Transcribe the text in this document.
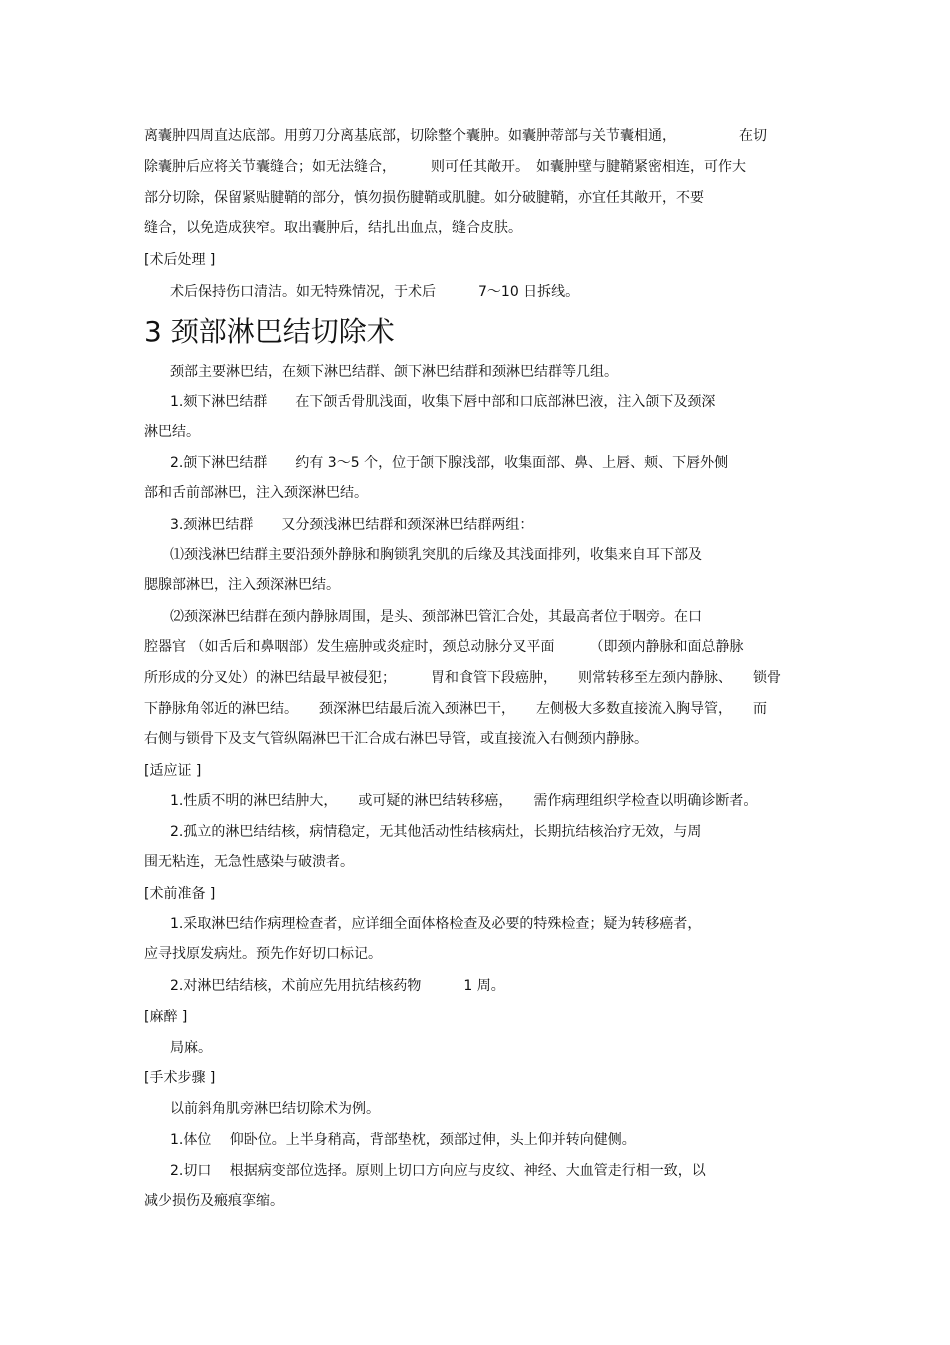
离囊肿四周直达底部。用剪刀分离基底部，切除整个囊肿。如囊肿蒂部与关节囊相通，　　　　　在切
除囊肿后应将关节囊缝合；如无法缝合，　　　则可任其敞开。　如囊肿壁与腱鞘紧密相连，可作大
部分切除，保留紧贴腱鞘的部分，慎勿损伤腱鞘或肌腱。如分破腱鞘，亦宜任其敞开，不要
缝合，以免造成狭窄。取出囊肿后，结扎出血点，缝合皮肤。
[术后处理 ]
术后保持伤口清洁。如无特殊情况，于术后　　　7～10 日拆线。
3 颈部淋巴结切除术
颈部主要淋巴结，在颏下淋巴结群、颌下淋巴结群和颈淋巴结群等几组。
1.颏下淋巴结群　　在下颌舌骨肌浅面，收集下唇中部和口底部淋巴液，注入颌下及颈深
淋巴结。
2.颌下淋巴结群　　约有 3～5 个，位于颌下腺浅部，收集面部、鼻、上唇、颊、下唇外侧
部和舌前部淋巴，注入颈深淋巴结。
3.颈淋巴结群　　又分颈浅淋巴结群和颈深淋巴结群两组：
⑴颈浅淋巴结群主要沿颈外静脉和胸锁乳突肌的后缘及其浅面排列，收集来自耳下部及
腮腺部淋巴，注入颈深淋巴结。
⑵颈深淋巴结群在颈内静脉周围，是头、颈部淋巴管汇合处，其最高者位于咽旁。在口
腔器官 （如舌后和鼻咽部）发生癌肿或炎症时，颈总动脉分叉平面　　　（即颈内静脉和面总静脉
所形成的分叉处）的淋巴结最早被侵犯；　　　胃和食管下段癌肿，　　则常转移至左颈内静脉、　　锁骨
下静脉角邻近的淋巴结。　　颈深淋巴结最后流入颈淋巴干，　　左侧极大多数直接流入胸导管，　　而
右侧与锁骨下及支气管纵隔淋巴干汇合成右淋巴导管，或直接流入右侧颈内静脉。
[适应证 ]
1.性质不明的淋巴结肿大，　　或可疑的淋巴结转移癌，　　需作病理组织学检查以明确诊断者。
2.孤立的淋巴结结核，病情稳定，无其他活动性结核病灶，长期抗结核治疗无效，与周
围无粘连，无急性感染与破溃者。
[术前准备 ]
1.采取淋巴结作病理检查者，应详细全面体格检查及必要的特殊检查；疑为转移癌者，
应寻找原发病灶。预先作好切口标记。
2.对淋巴结结核，术前应先用抗结核药物　　　1 周。
[麻醉 ]
局麻。
[手术步骤 ]
以前斜角肌旁淋巴结切除术为例。
1.体位　 仰卧位。上半身稍高，背部垫枕，颈部过伸，头上仰并转向健侧。
2.切口　 根据病变部位选择。原则上切口方向应与皮纹、神经、大血管走行相一致，以
减少损伤及瘢痕挛缩。
